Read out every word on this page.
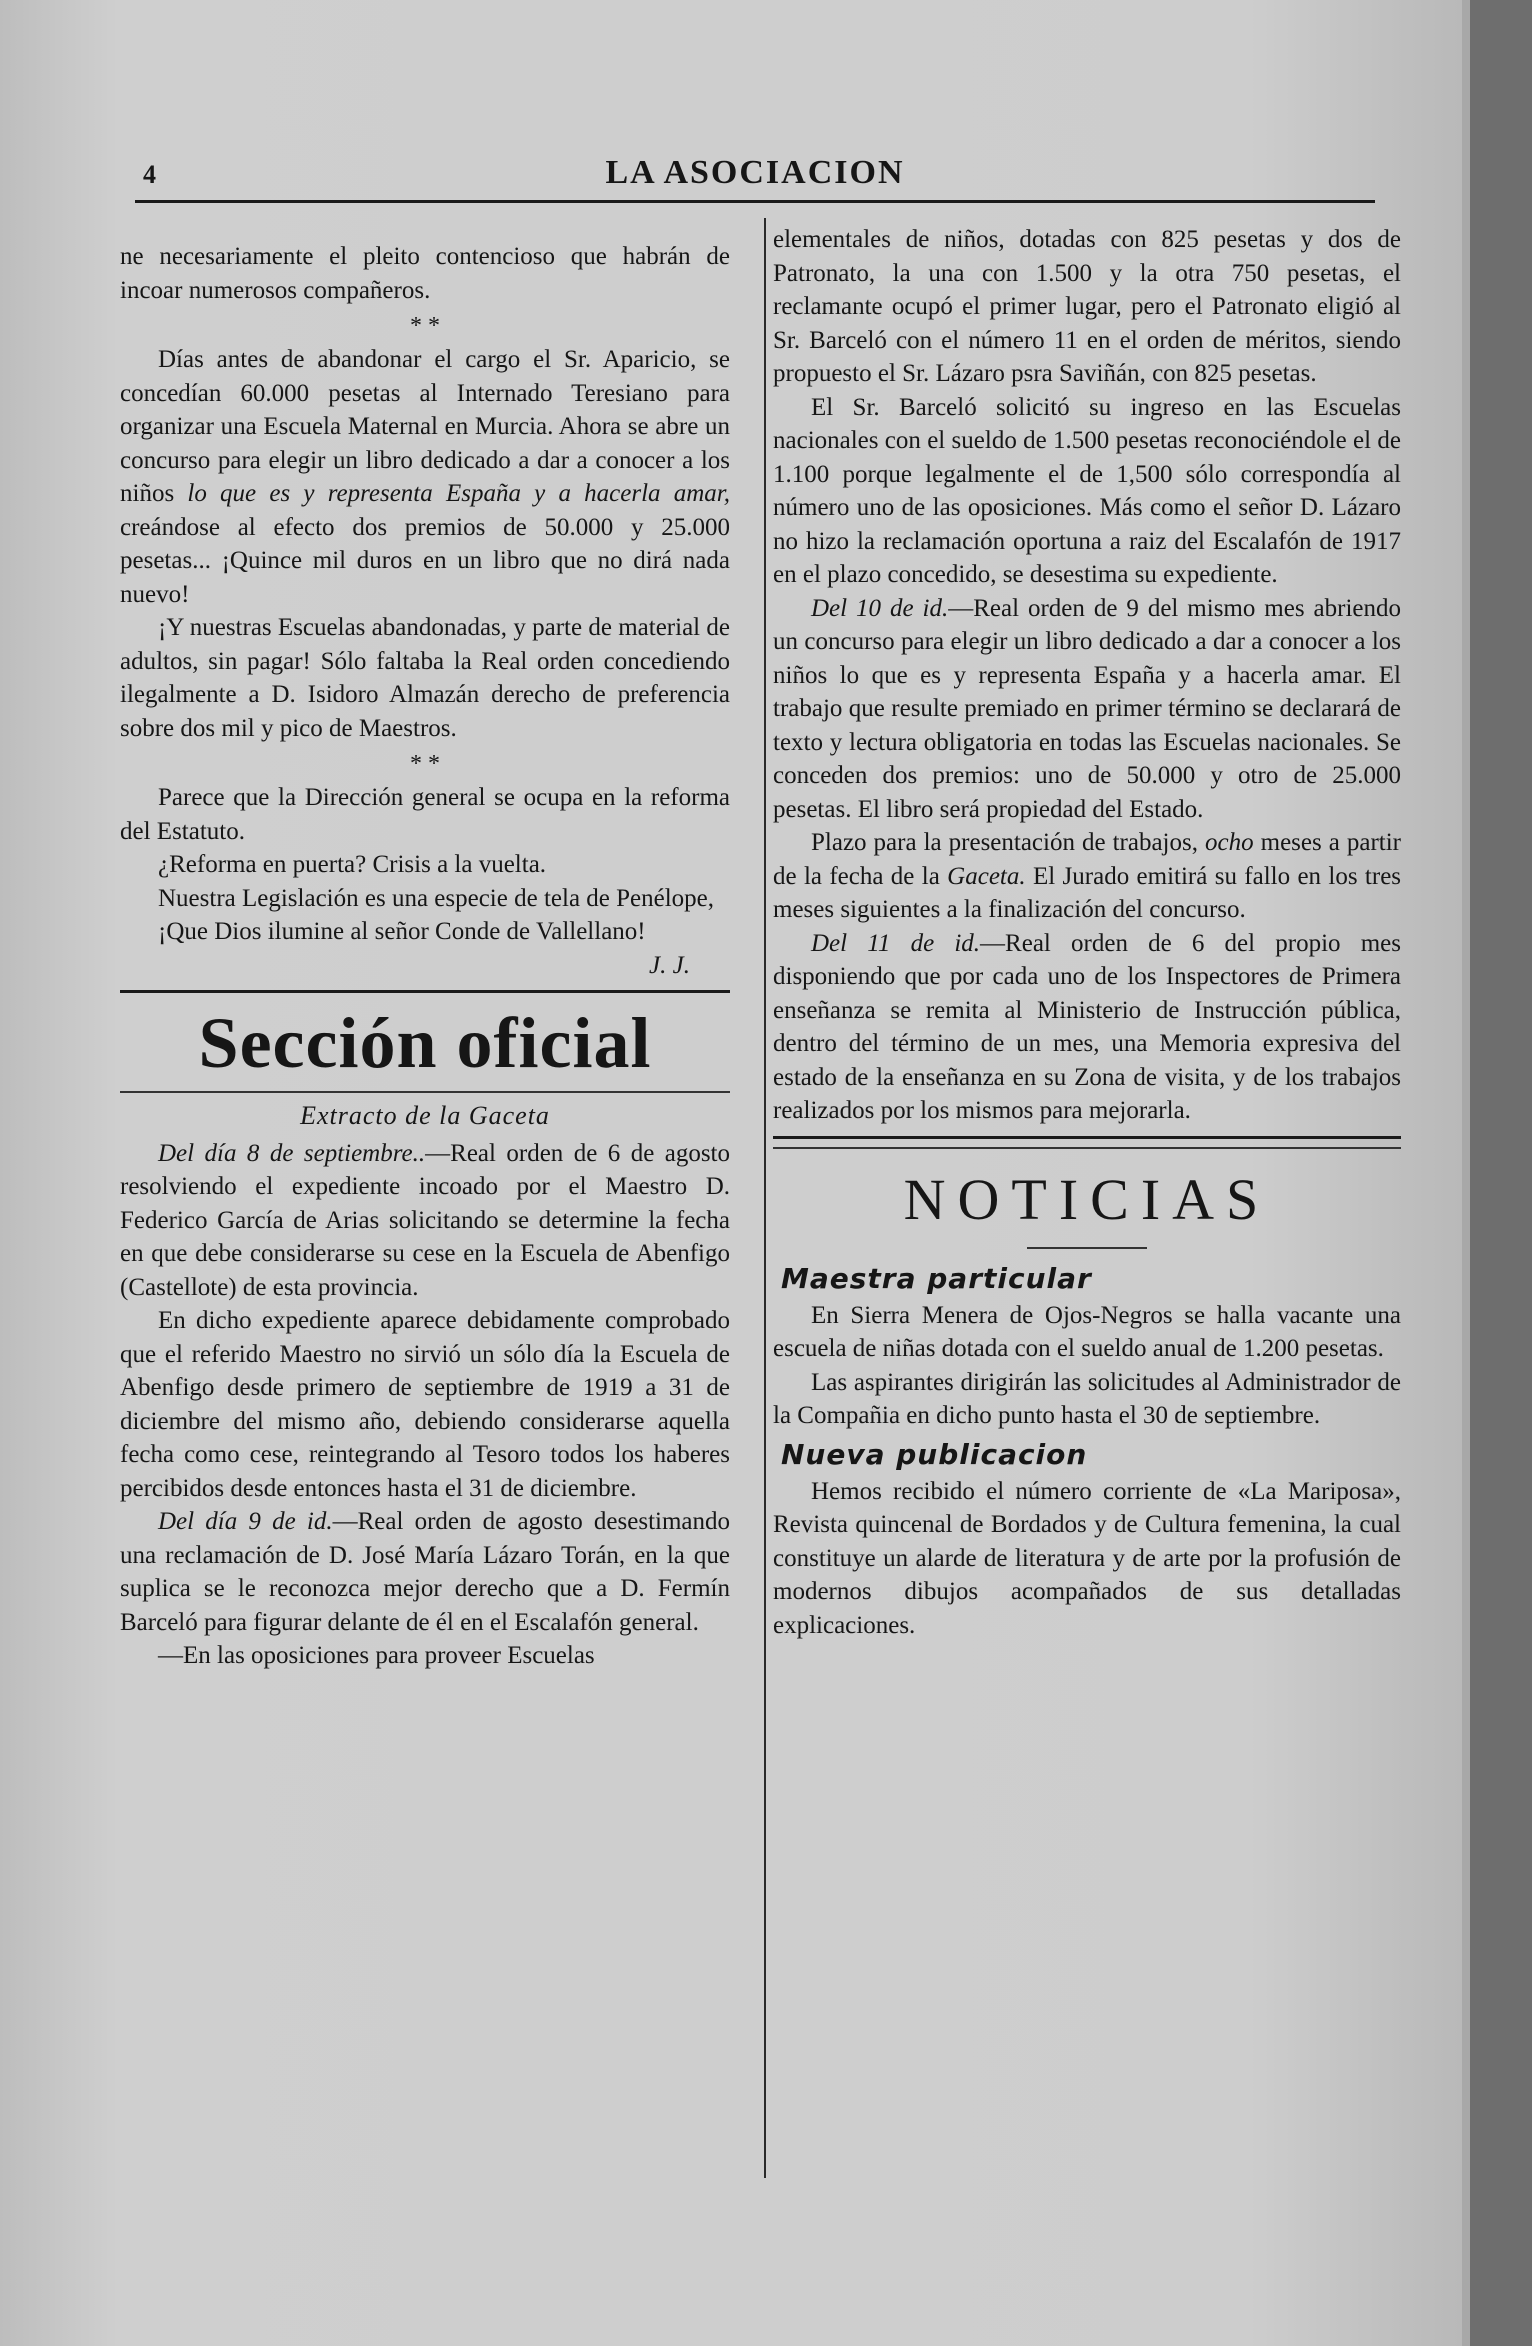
4	LA ASOCIACION

ne necesariamente el pleito contencioso que habrán de incoar numerosos compañeros.

* *

Días antes de abandonar el cargo el Sr. Aparicio, se concedían 60.000 pesetas al Internado Teresiano para organizar una Escuela Maternal en Murcia. Ahora se abre un concurso para elegir un libro dedicado a dar a conocer a los niños lo que es y representa España y a hacerla amar, creándose al efecto dos premios de 50.000 y 25.000 pesetas... ¡Quince mil duros en un libro que no dirá nada nuevo!

¡Y nuestras Escuelas abandonadas, y parte de material de adultos, sin pagar! Sólo faltaba la Real orden concediendo ilegalmente a D. Isidoro Almazán derecho de preferencia sobre dos mil y pico de Maestros.

* *

Parece que la Dirección general se ocupa en la reforma del Estatuto.

¿Reforma en puerta? Crisis a la vuelta.

Nuestra Legislación es una especie de tela de Penélope,

¡Que Dios ilumine al señor Conde de Vallellano!

J. J.

Sección oficial
Extracto de la Gaceta

Del día 8 de septiembre..—Real orden de 6 de agosto resolviendo el expediente incoado por el Maestro D. Federico García de Arias solicitando se determine la fecha en que debe considerarse su cese en la Escuela de Abenfigo (Castellote) de esta provincia.

En dicho expediente aparece debidamente comprobado que el referido Maestro no sirvió un sólo día la Escuela de Abenfigo desde primero de septiembre de 1919 a 31 de diciembre del mismo año, debiendo considerarse aquella fecha como cese, reintegrando al Tesoro todos los haberes percibidos desde entonces hasta el 31 de diciembre.

Del día 9 de id.—Real orden de agosto desestimando una reclamación de D. José María Lázaro Torán, en la que suplica se le reconozca mejor derecho que a D. Fermín Barceló para figurar delante de él en el Escalafón general.

—En las oposiciones para proveer Escuelas

elementales de niños, dotadas con 825 pesetas y dos de Patronato, la una con 1.500 y la otra 750 pesetas, el reclamante ocupó el primer lugar, pero el Patronato eligió al Sr. Barceló con el número 11 en el orden de méritos, siendo propuesto el Sr. Lázaro psra Saviñán, con 825 pesetas.

El Sr. Barceló solicitó su ingreso en las Escuelas nacionales con el sueldo de 1.500 pesetas reconociéndole el de 1.100 porque legalmente el de 1,500 sólo correspondía al número uno de las oposiciones. Más como el señor D. Lázaro no hizo la reclamación oportuna a raiz del Escalafón de 1917 en el plazo concedido, se desestima su expediente.

Del 10 de id.—Real orden de 9 del mismo mes abriendo un concurso para elegir un libro dedicado a dar a conocer a los niños lo que es y representa España y a hacerla amar. El trabajo que resulte premiado en primer término se declarará de texto y lectura obligatoria en todas las Escuelas nacionales. Se conceden dos premios: uno de 50.000 y otro de 25.000 pesetas. El libro será propiedad del Estado.

Plazo para la presentación de trabajos, ocho meses a partir de la fecha de la Gaceta. El Jurado emitirá su fallo en los tres meses siguientes a la finalización del concurso.

Del 11 de id.—Real orden de 6 del propio mes disponiendo que por cada uno de los Inspectores de Primera enseñanza se remita al Ministerio de Instrucción pública, dentro del término de un mes, una Memoria expresiva del estado de la enseñanza en su Zona de visita, y de los trabajos realizados por los mismos para mejorarla.

NOTICIAS
Maestra particular

En Sierra Menera de Ojos-Negros se halla vacante una escuela de niñas dotada con el sueldo anual de 1.200 pesetas.

Las aspirantes dirigirán las solicitudes al Administrador de la Compañia en dicho punto hasta el 30 de septiembre.

Nueva publicacion

Hemos recibido el número corriente de «La Mariposa», Revista quincenal de Bordados y de Cultura femenina, la cual constituye un alarde de literatura y de arte por la profusión de modernos dibujos acompañados de sus detalladas explicaciones.
